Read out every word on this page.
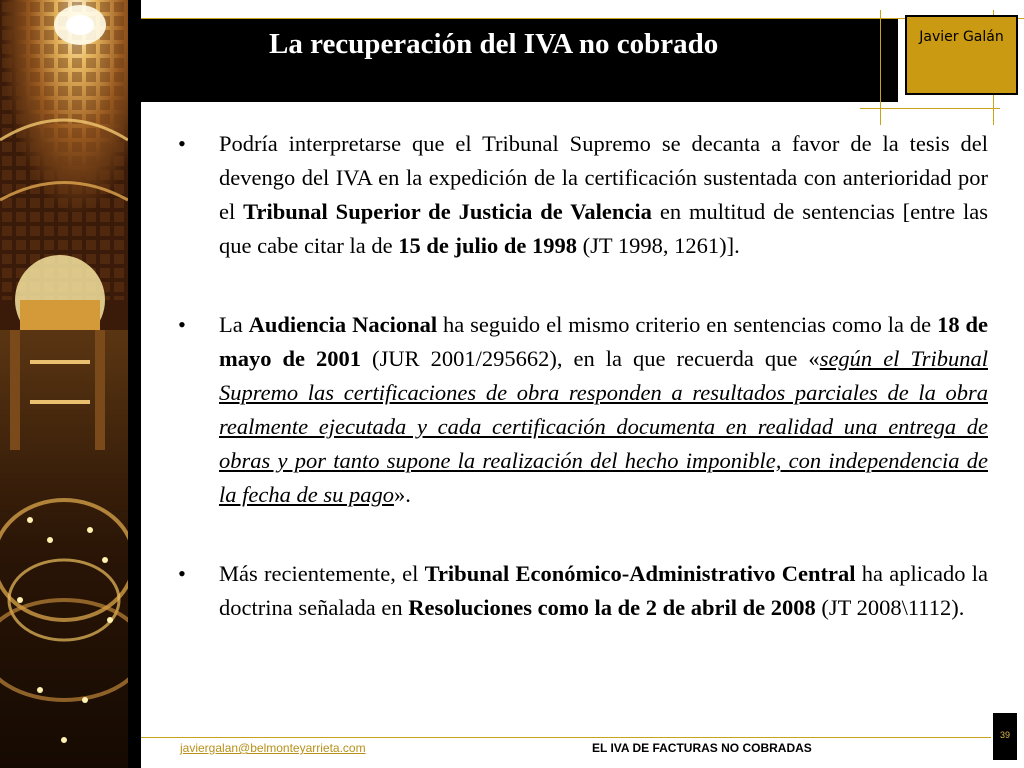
La recuperación del IVA no cobrado	Javier Galán

• Podría interpretarse que el Tribunal Supremo se decanta a favor de la tesis del devengo del IVA en la expedición de la certificación sustentada con anterioridad por el Tribunal Superior de Justicia de Valencia en multitud de sentencias [entre las que cabe citar la de 15 de julio de 1998 (JT 1998, 1261)].

• La Audiencia Nacional ha seguido el mismo criterio en sentencias como la de 18 de mayo de 2001 (JUR 2001/295662), en la que recuerda que «según el Tribunal Supremo las certificaciones de obra responden a resultados parciales de la obra realmente ejecutada y cada certificación documenta en realidad una entrega de obras y por tanto supone la realización del hecho imponible, con independencia de la fecha de su pago».

• Más recientemente, el Tribunal Económico-Administrativo Central ha aplicado la doctrina señalada en Resoluciones como la de 2 de abril de 2008 (JT 2008\1112).

39
javiergalan@belmonteyarrieta.com	EL IVA DE FACTURAS NO COBRADAS
